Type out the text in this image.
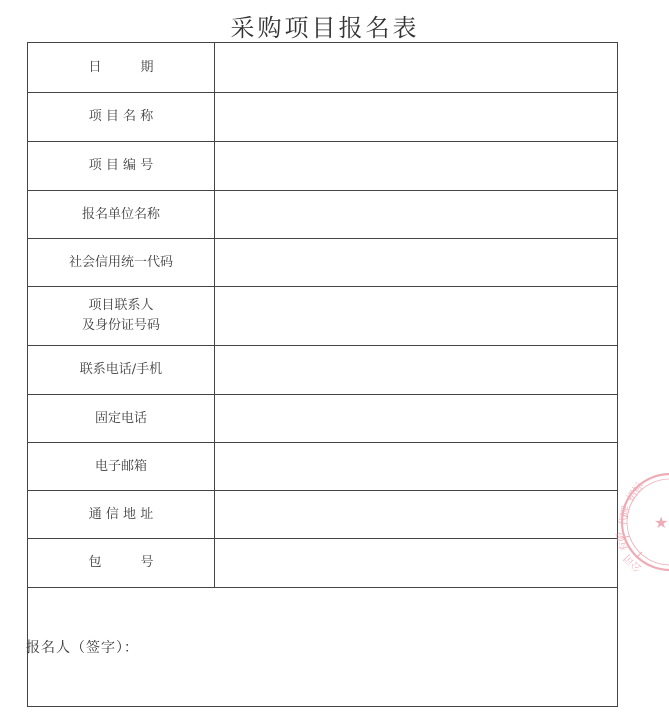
采购项目报名表
日　　　期	

项 目 名 称	

项 目 编 号	

报名单位名称	

社会信用统一代码	

项目联系人
及身份证号码	

联系电话/手机	

固定电话	

电子邮箱	

通 信 地 址	

包　　　号	

报名人（签字）：	
招标
代理
有限
公司
★
